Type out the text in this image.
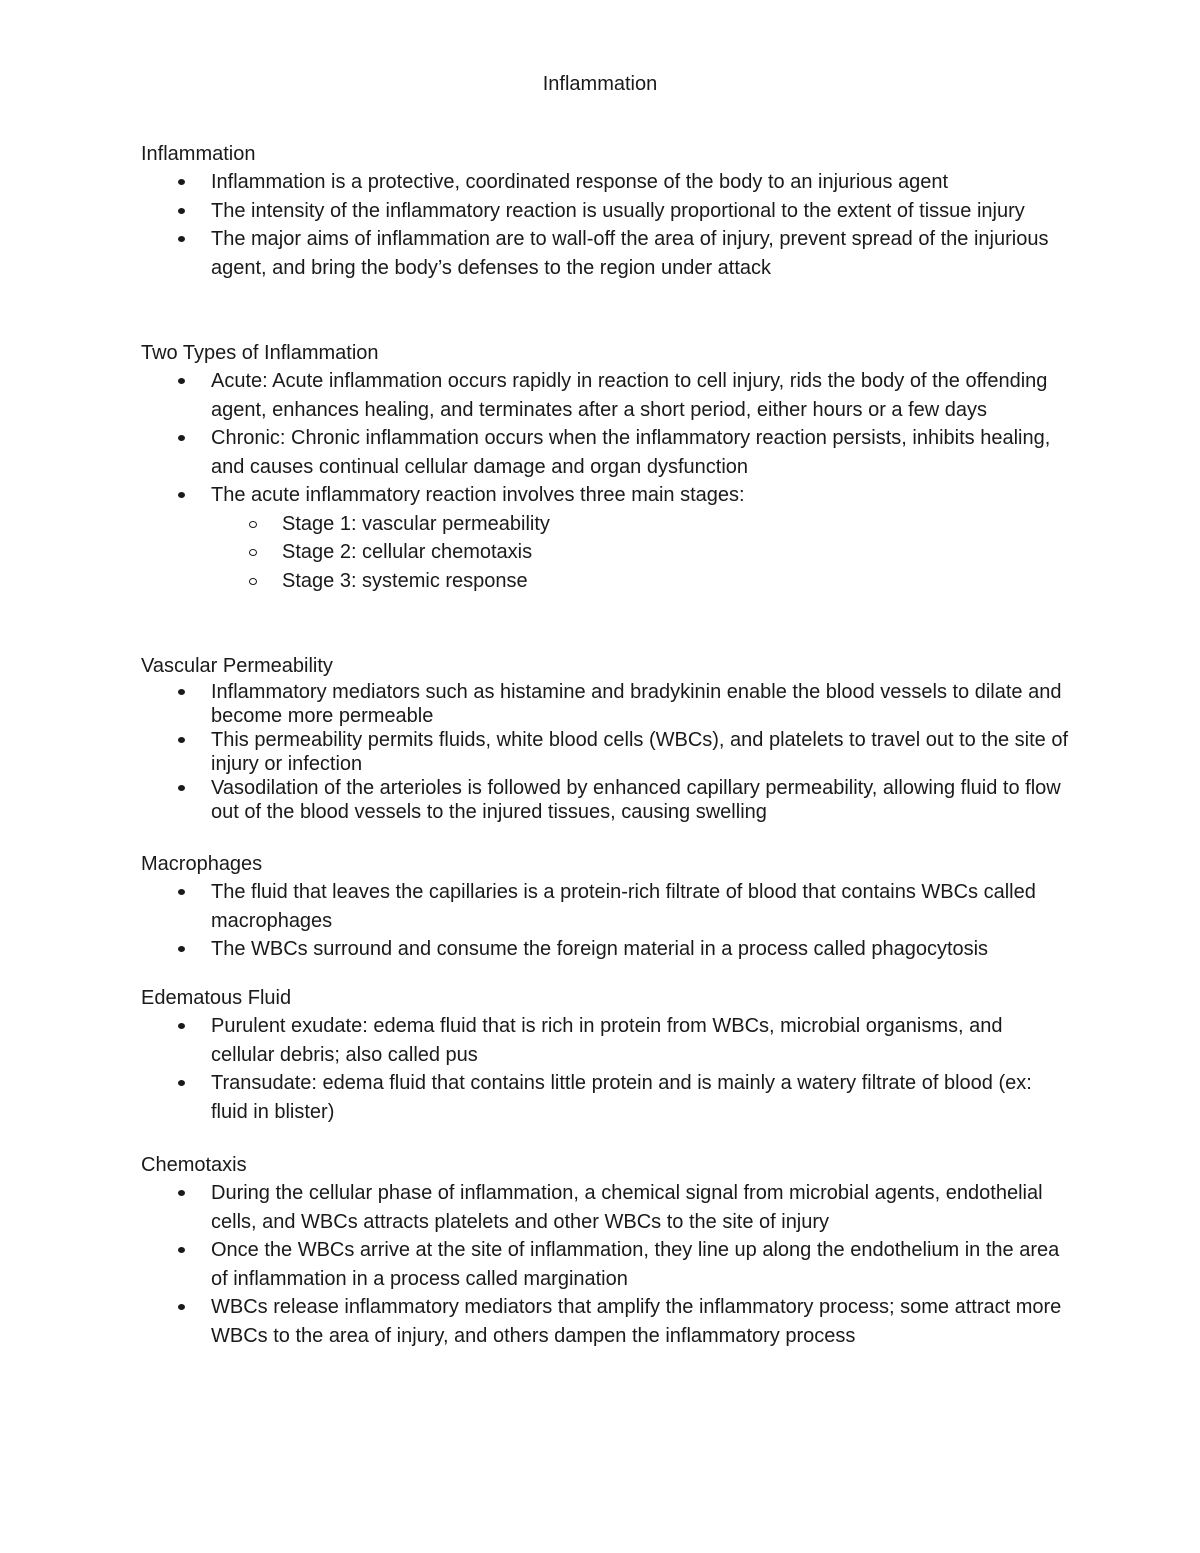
Inflammation

Inflammation

Inflammation is a protective, coordinated response of the body to an injurious agent
The intensity of the inflammatory reaction is usually proportional to the extent of tissue injury
The major aims of inflammation are to wall-off the area of injury, prevent spread of the injurious agent, and bring the body’s defenses to the region under attack

Two Types of Inflammation

Acute: Acute inflammation occurs rapidly in reaction to cell injury, rids the body of the offending agent, enhances healing, and terminates after a short period, either hours or a few days
Chronic: Chronic inflammation occurs when the inflammatory reaction persists, inhibits healing, and causes continual cellular damage and organ dysfunction
The acute inflammatory reaction involves three main stages:
Stage 1: vascular permeability
Stage 2: cellular chemotaxis
Stage 3: systemic response

Vascular Permeability

Inflammatory mediators such as histamine and bradykinin enable the blood vessels to dilate and become more permeable
This permeability permits fluids, white blood cells (WBCs), and platelets to travel out to the site of injury or infection
Vasodilation of the arterioles is followed by enhanced capillary permeability, allowing fluid to flow out of the blood vessels to the injured tissues, causing swelling

Macrophages

The fluid that leaves the capillaries is a protein-rich filtrate of blood that contains WBCs called macrophages
The WBCs surround and consume the foreign material in a process called phagocytosis

Edematous Fluid

Purulent exudate: edema fluid that is rich in protein from WBCs, microbial organisms, and cellular debris; also called pus
Transudate: edema fluid that contains little protein and is mainly a watery filtrate of blood (ex: fluid in blister)

Chemotaxis

During the cellular phase of inflammation, a chemical signal from microbial agents, endothelial cells, and WBCs attracts platelets and other WBCs to the site of injury
Once the WBCs arrive at the site of inflammation, they line up along the endothelium in the area of inflammation in a process called margination
WBCs release inflammatory mediators that amplify the inflammatory process; some attract more WBCs to the area of injury, and others dampen the inflammatory process
